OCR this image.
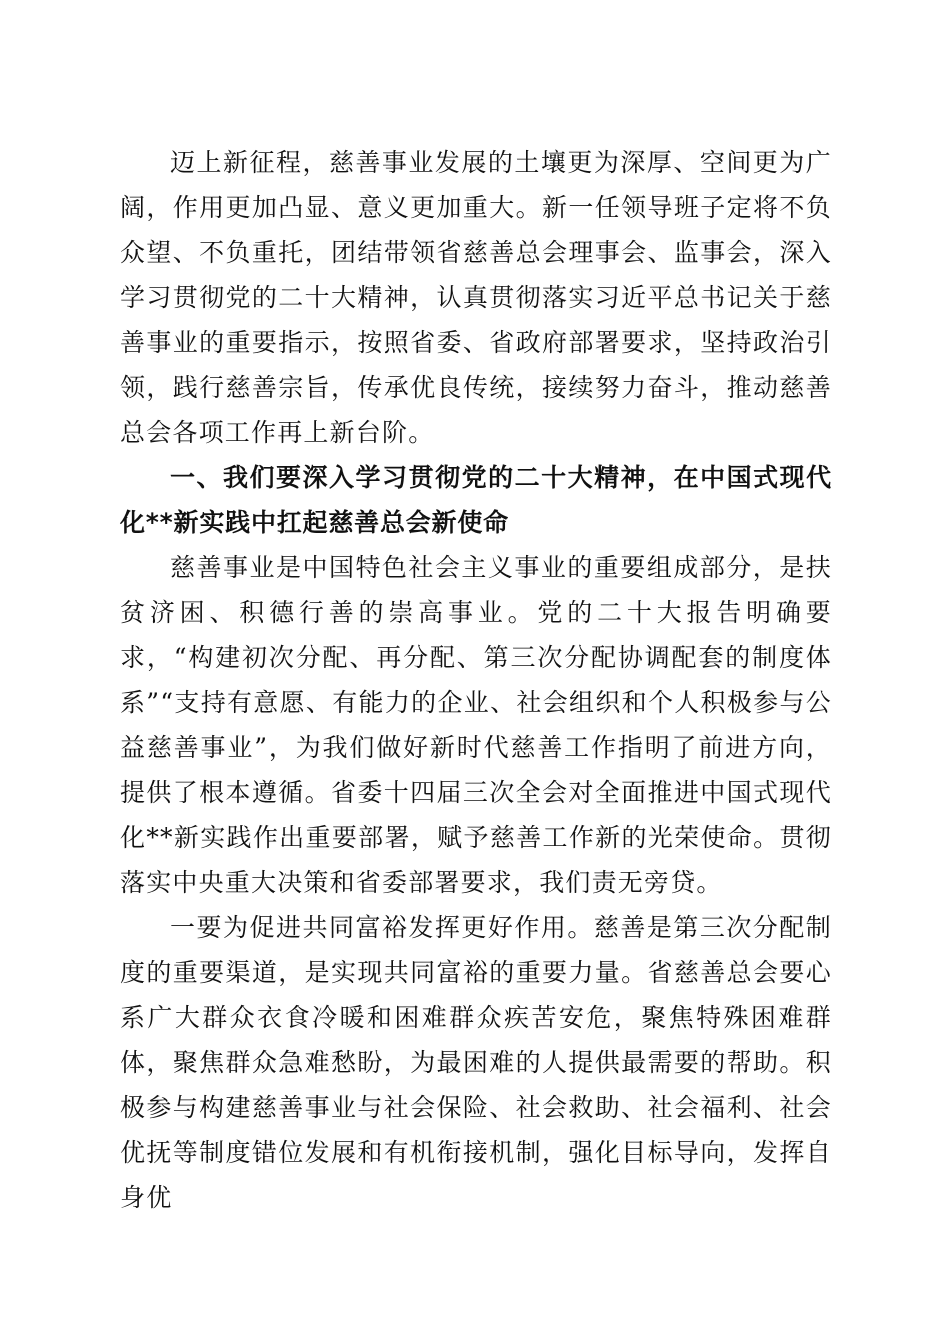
迈上新征程，慈善事业发展的土壤更为深厚、空间更为广阔，作用更加凸显、意义更加重大。新一任领导班子定将不负众望、不负重托，团结带领省慈善总会理事会、监事会，深入学习贯彻党的二十大精神，认真贯彻落实习近平总书记关于慈善事业的重要指示，按照省委、省政府部署要求，坚持政治引领，践行慈善宗旨，传承优良传统，接续努力奋斗，推动慈善总会各项工作再上新台阶。

一、我们要深入学习贯彻党的二十大精神，在中国式现代化**新实践中扛起慈善总会新使命

慈善事业是中国特色社会主义事业的重要组成部分，是扶贫济困、积德行善的崇高事业。党的二十大报告明确要求，“构建初次分配、再分配、第三次分配协调配套的制度体系”“支持有意愿、有能力的企业、社会组织和个人积极参与公益慈善事业”，为我们做好新时代慈善工作指明了前进方向，提供了根本遵循。省委十四届三次全会对全面推进中国式现代化**新实践作出重要部署，赋予慈善工作新的光荣使命。贯彻落实中央重大决策和省委部署要求，我们责无旁贷。

一要为促进共同富裕发挥更好作用。慈善是第三次分配制度的重要渠道，是实现共同富裕的重要力量。省慈善总会要心系广大群众衣食冷暖和困难群众疾苦安危，聚焦特殊困难群体，聚焦群众急难愁盼，为最困难的人提供最需要的帮助。积极参与构建慈善事业与社会保险、社会救助、社会福利、社会优抚等制度错位发展和有机衔接机制，强化目标导向，发挥自身优
